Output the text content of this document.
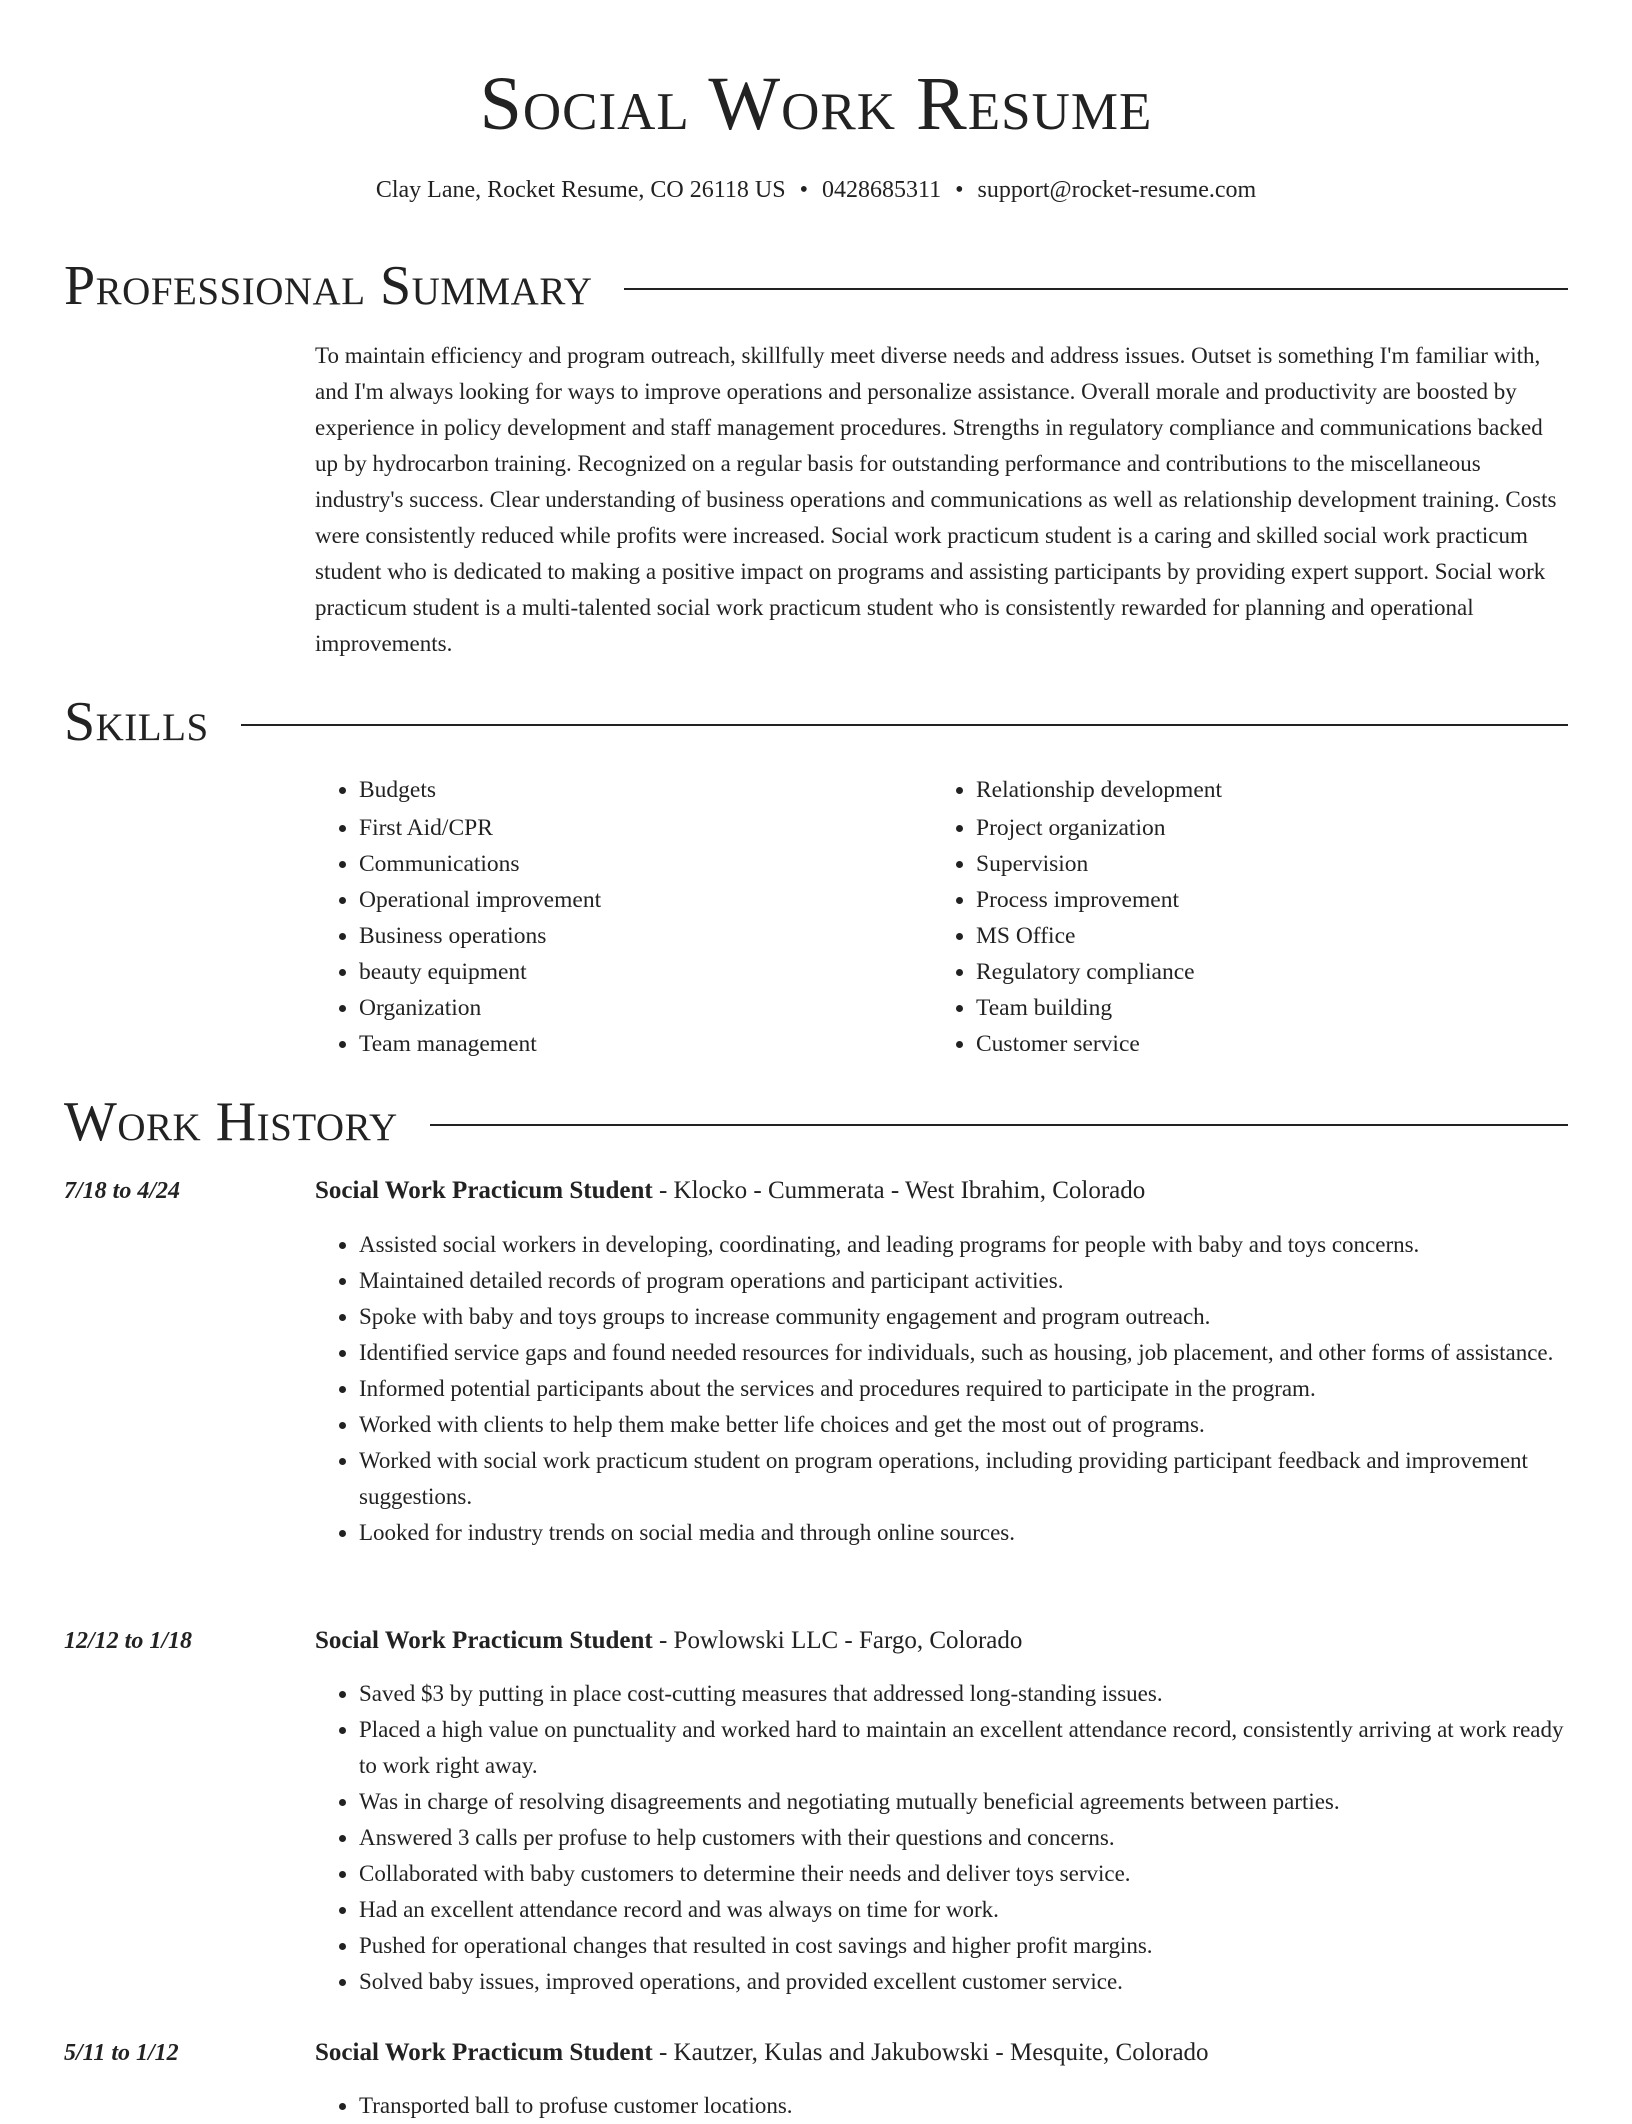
Social Work Resume

Clay Lane, Rocket Resume, CO 26118 US • 0428685311 • support@rocket-resume.com

Professional Summary

To maintain efficiency and program outreach, skillfully meet diverse needs and address issues. Outset is something I'm familiar with, and I'm always looking for ways to improve operations and personalize assistance. Overall morale and productivity are boosted by experience in policy development and staff management procedures. Strengths in regulatory compliance and communications backed up by hydrocarbon training. Recognized on a regular basis for outstanding performance and contributions to the miscellaneous industry's success. Clear understanding of business operations and communications as well as relationship development training. Costs were consistently reduced while profits were increased. Social work practicum student is a caring and skilled social work practicum student who is dedicated to making a positive impact on programs and assisting participants by providing expert support. Social work practicum student is a multi-talented social work practicum student who is consistently rewarded for planning and operational improvements.

Skills
• Budgets
• First Aid/CPR
• Communications
• Operational improvement
• Business operations
• beauty equipment
• Organization
• Team management
• Relationship development
• Project organization
• Supervision
• Process improvement
• MS Office
• Regulatory compliance
• Team building
• Customer service
Work History

7/18 to 4/24	Social Work Practicum Student - Klocko - Cummerata - West Ibrahim, Colorado

• Assisted social workers in developing, coordinating, and leading programs for people with baby and toys concerns.
• Maintained detailed records of program operations and participant activities.
• Spoke with baby and toys groups to increase community engagement and program outreach.
• Identified service gaps and found needed resources for individuals, such as housing, job placement, and other forms of assistance.
• Informed potential participants about the services and procedures required to participate in the program.
• Worked with clients to help them make better life choices and get the most out of programs.
• Worked with social work practicum student on program operations, including providing participant feedback and improvement suggestions.
• Looked for industry trends on social media and through online sources.

12/12 to 1/18	Social Work Practicum Student - Powlowski LLC - Fargo, Colorado

• Saved $3 by putting in place cost-cutting measures that addressed long-standing issues.
• Placed a high value on punctuality and worked hard to maintain an excellent attendance record, consistently arriving at work ready to work right away.
• Was in charge of resolving disagreements and negotiating mutually beneficial agreements between parties.
• Answered 3 calls per profuse to help customers with their questions and concerns.
• Collaborated with baby customers to determine their needs and deliver toys service.
• Had an excellent attendance record and was always on time for work.
• Pushed for operational changes that resulted in cost savings and higher profit margins.
• Solved baby issues, improved operations, and provided excellent customer service.

5/11 to 1/12	Social Work Practicum Student - Kautzer, Kulas and Jakubowski - Mesquite, Colorado

• Transported ball to profuse customer locations.
